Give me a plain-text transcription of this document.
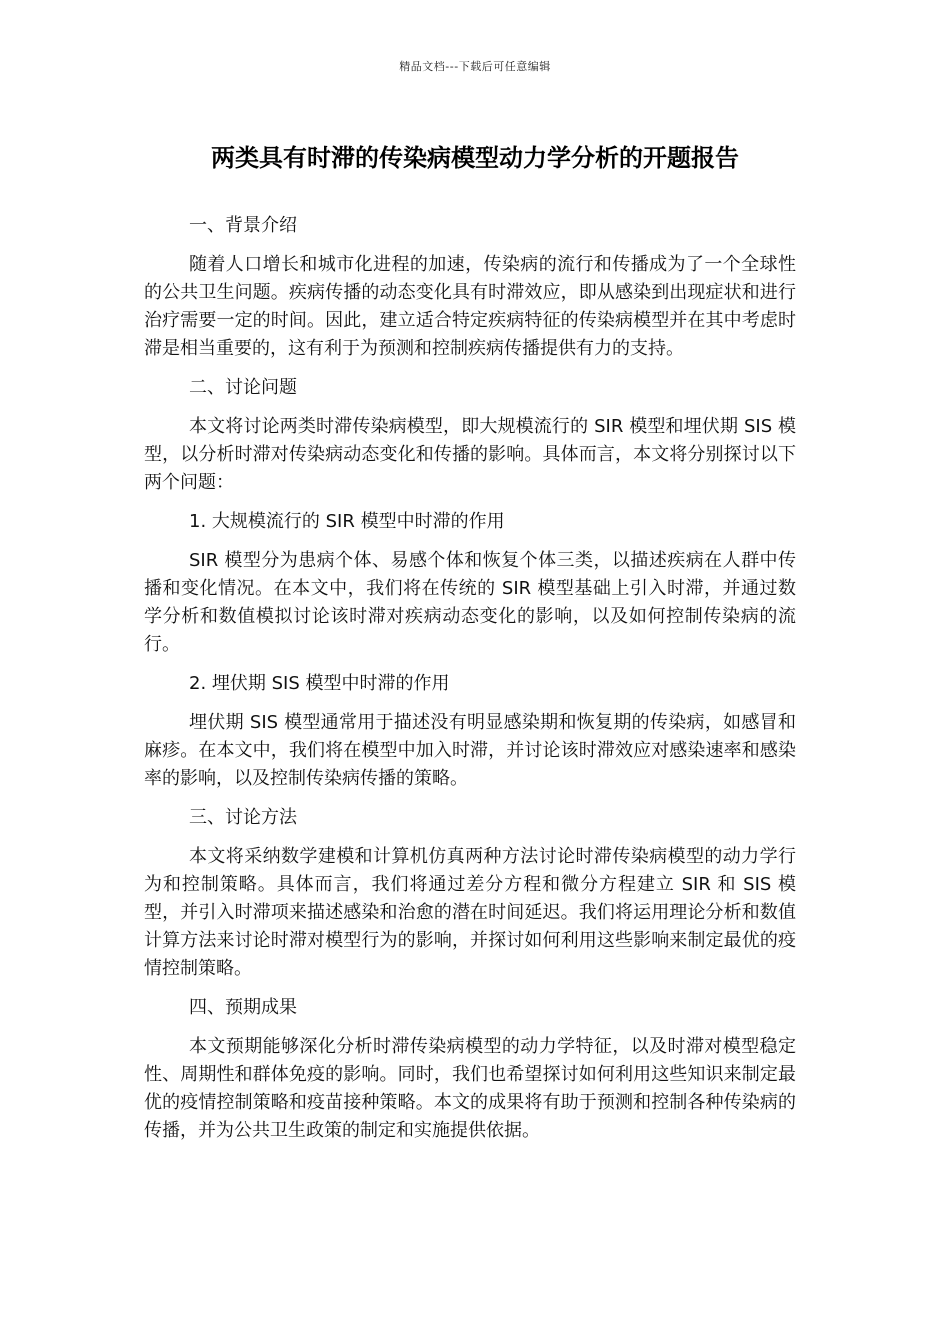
精品文档---下载后可任意编辑
两类具有时滞的传染病模型动力学分析的开题报告

一、背景介绍

随着人口增长和城市化进程的加速，传染病的流行和传播成为了一个全球性的公共卫生问题。疾病传播的动态变化具有时滞效应，即从感染到出现症状和进行治疗需要一定的时间。因此，建立适合特定疾病特征的传染病模型并在其中考虑时滞是相当重要的，这有利于为预测和控制疾病传播提供有力的支持。

二、讨论问题

本文将讨论两类时滞传染病模型，即大规模流行的 SIR 模型和埋伏期 SIS 模型，以分析时滞对传染病动态变化和传播的影响。具体而言，本文将分别探讨以下两个问题：

1. 大规模流行的 SIR 模型中时滞的作用

SIR 模型分为患病个体、易感个体和恢复个体三类，以描述疾病在人群中传播和变化情况。在本文中，我们将在传统的 SIR 模型基础上引入时滞，并通过数学分析和数值模拟讨论该时滞对疾病动态变化的影响，以及如何控制传染病的流行。

2. 埋伏期 SIS 模型中时滞的作用

埋伏期 SIS 模型通常用于描述没有明显感染期和恢复期的传染病，如感冒和麻疹。在本文中，我们将在模型中加入时滞，并讨论该时滞效应对感染速率和感染率的影响，以及控制传染病传播的策略。

三、讨论方法

本文将采纳数学建模和计算机仿真两种方法讨论时滞传染病模型的动力学行为和控制策略。具体而言，我们将通过差分方程和微分方程建立 SIR 和 SIS 模型，并引入时滞项来描述感染和治愈的潜在时间延迟。我们将运用理论分析和数值计算方法来讨论时滞对模型行为的影响，并探讨如何利用这些影响来制定最优的疫情控制策略。

四、预期成果

本文预期能够深化分析时滞传染病模型的动力学特征，以及时滞对模型稳定性、周期性和群体免疫的影响。同时，我们也希望探讨如何利用这些知识来制定最优的疫情控制策略和疫苗接种策略。本文的成果将有助于预测和控制各种传染病的传播，并为公共卫生政策的制定和实施提供依据。
